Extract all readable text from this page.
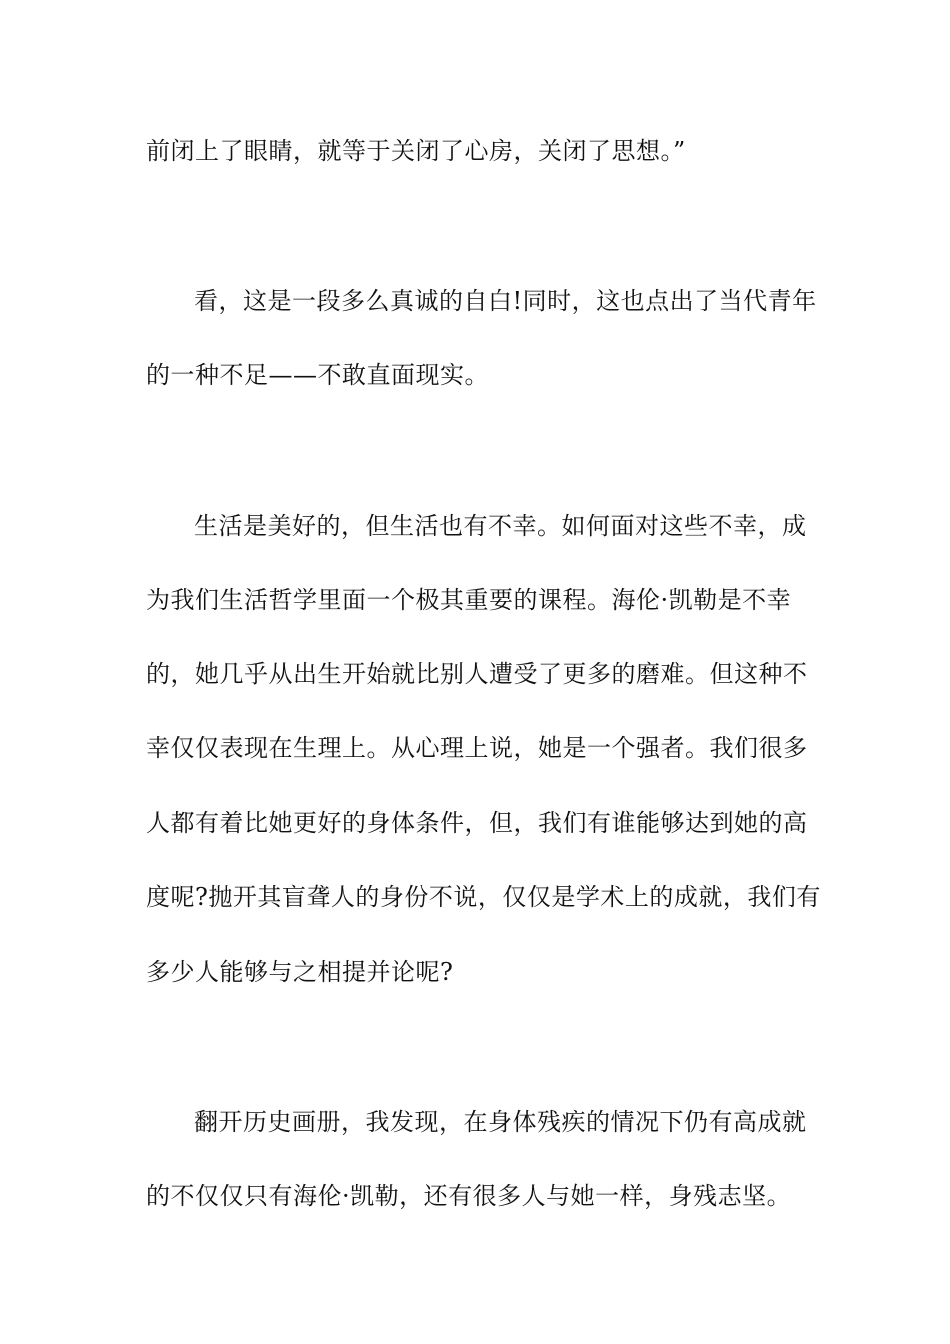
前闭上了眼睛，就等于关闭了心房，关闭了思想。”
看，这是一段多么真诚的自白!同时，这也点出了当代青年
的一种不足——不敢直面现实。
生活是美好的，但生活也有不幸。如何面对这些不幸，成
为我们生活哲学里面一个极其重要的课程。海伦·凯勒是不幸
的，她几乎从出生开始就比别人遭受了更多的磨难。但这种不
幸仅仅表现在生理上。从心理上说，她是一个强者。我们很多
人都有着比她更好的身体条件，但，我们有谁能够达到她的高
度呢?抛开其盲聋人的身份不说，仅仅是学术上的成就，我们有
多少人能够与之相提并论呢?
翻开历史画册，我发现，在身体残疾的情况下仍有高成就
的不仅仅只有海伦·凯勒，还有很多人与她一样，身残志坚。
